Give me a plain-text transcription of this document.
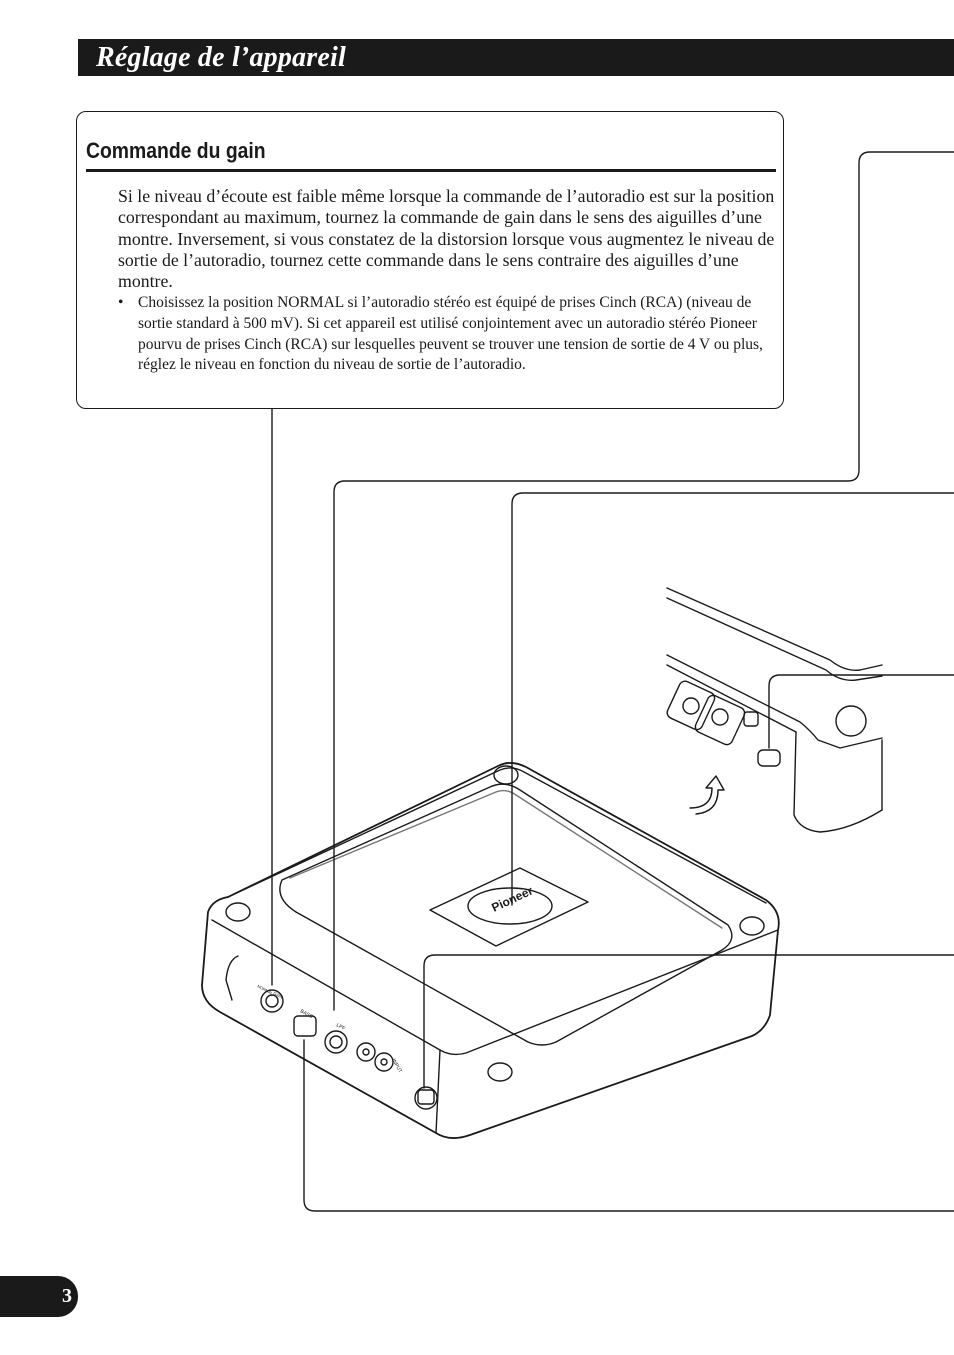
Réglage de l’appareil
Commande du gain

Si le niveau d’écoute est faible même lorsque la commande de l’autoradio est sur la position correspondant au maximum, tournez la commande de gain dans le sens des aiguilles d’une montre. Inversement, si vous constatez de la distorsion lorsque vous augmentez le niveau de sortie de l’autoradio, tournez cette commande dans le sens contraire des aiguilles d’une montre.

• Choisissez la position NORMAL si l’autoradio stéréo est équipé de prises Cinch (RCA) (niveau de sortie standard à 500 mV). Si cet appareil est utilisé conjointement avec un autoradio stéréo Pioneer pourvu de prises Cinch (RCA) sur lesquelles peuvent se trouver une tension de sortie de 4 V ou plus, réglez le niveau en fonction du niveau de sortie de l’autoradio.

Pioneer
NORMAL
GAIN
BASS
LPF
INPUT
3
